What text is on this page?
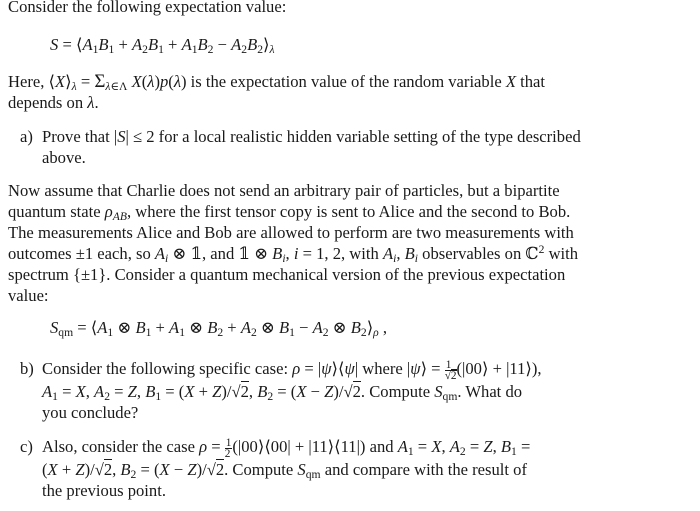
Consider the following expectation value:

$S = ⟨A_1B_1 + A_2B_1 + A_1B_2$ − $A_2B_2⟩_\lambda$
Here, $⟨X⟩_\lambda = \Sigma_{\lambda\in\Lambda}$ X(λ)p(λ) is the expectation value of the random variable X that

depends on λ.

a) Prove that |S| ≤ 2 for a local realistic hidden variable setting of the type described
above.
Now assume that Charlie does not send an arbitrary pair of particles, but a bipartite
quantum state $\rho_{AB}$, where the first tensor copy is sent to Alice and the second to Bob.
The measurements Alice and Bob are allowed to perform are two measurements with
outcomes ±1 each, so $A_i$ ⊗ 𝟙, and 𝟙 ⊗ $B_i$, i = 1, 2, with $A_i$, $B_i$ observables on ℂ$^2$ with
spectrum {±1}. Consider a quantum mechanical version of the previous expectation
value:
$S_{qm}$ = $⟨A_1$ ⊗ $B_1 + A_1$ ⊗ $B_2 + A_2$ ⊗ $B_1 - A_2$ ⊗ $B_2⟩_\rho$ ,
b) Consider the following specific case: ρ = |ψ⟩⟨ψ| where |ψ⟩ = $\frac{1}{√2}$ (|00⟩ + |11⟩),
$A_1 = X$, $A_2 = Z$, $B_1 = (X + Z)/√2$, $B_2 = (X - Z)/√2$. Compute $S_{qm}$. What do
you conclude?
c) Also, consider the case $\rho = \frac{1}{2}$ (|00⟩⟨00| + |11⟩⟨11|) and $A_1 = X$, $A_2 = Z$, $B_1$ =
(X + Z)/√2, $B_2 = (X - Z)/√2$. Compute $S_{qm}$ and compare with the result of
the previous point.
